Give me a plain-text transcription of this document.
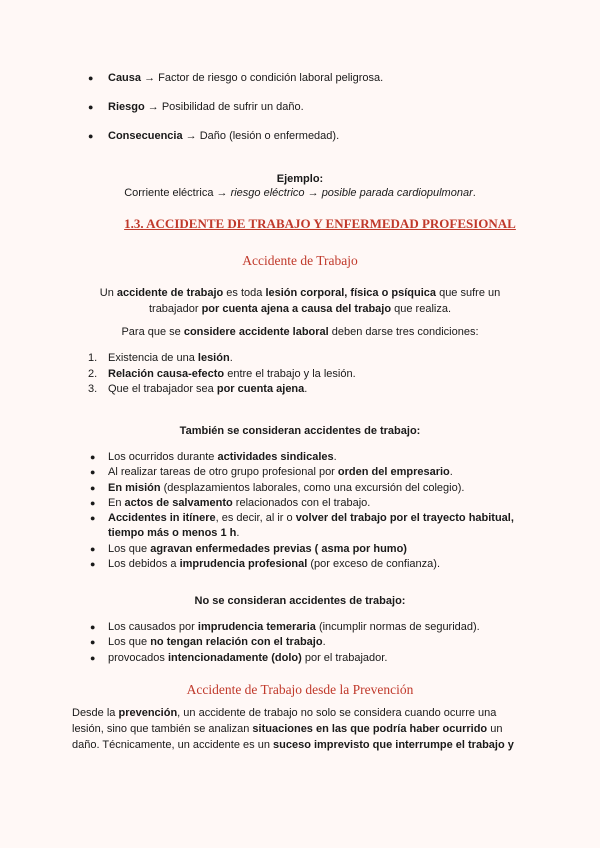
● Causa → Factor de riesgo o condición laboral peligrosa.
● Riesgo → Posibilidad de sufrir un daño.
● Consecuencia → Daño (lesión o enfermedad).
Ejemplo:
Corriente eléctrica → riesgo eléctrico → posible parada cardiopulmonar.
1.3. ACCIDENTE DE TRABAJO Y ENFERMEDAD PROFESIONAL
Accidente de Trabajo
Un accidente de trabajo es toda lesión corporal, física o psíquica que sufre un trabajador por cuenta ajena a causa del trabajo que realiza.
Para que se considere accidente laboral deben darse tres condiciones:
1. Existencia de una lesión.
2. Relación causa-efecto entre el trabajo y la lesión.
3. Que el trabajador sea por cuenta ajena.
También se consideran accidentes de trabajo:
● Los ocurridos durante actividades sindicales.
● Al realizar tareas de otro grupo profesional por orden del empresario.
● En misión (desplazamientos laborales, como una excursión del colegio).
● En actos de salvamento relacionados con el trabajo.
● Accidentes in itínere, es decir, al ir o volver del trabajo por el trayecto habitual, tiempo más o menos 1 h.
● Los que agravan enfermedades previas ( asma por humo)
● Los debidos a imprudencia profesional (por exceso de confianza).
No se consideran accidentes de trabajo:
● Los causados por imprudencia temeraria (incumplir normas de seguridad).
● Los que no tengan relación con el trabajo.
● provocados intencionadamente (dolo) por el trabajador.
Accidente de Trabajo desde la Prevención
Desde la prevención, un accidente de trabajo no solo se considera cuando ocurre una lesión, sino que también se analizan situaciones en las que podría haber ocurrido un daño. Técnicamente, un accidente es un suceso imprevisto que interrumpe el trabajo y
